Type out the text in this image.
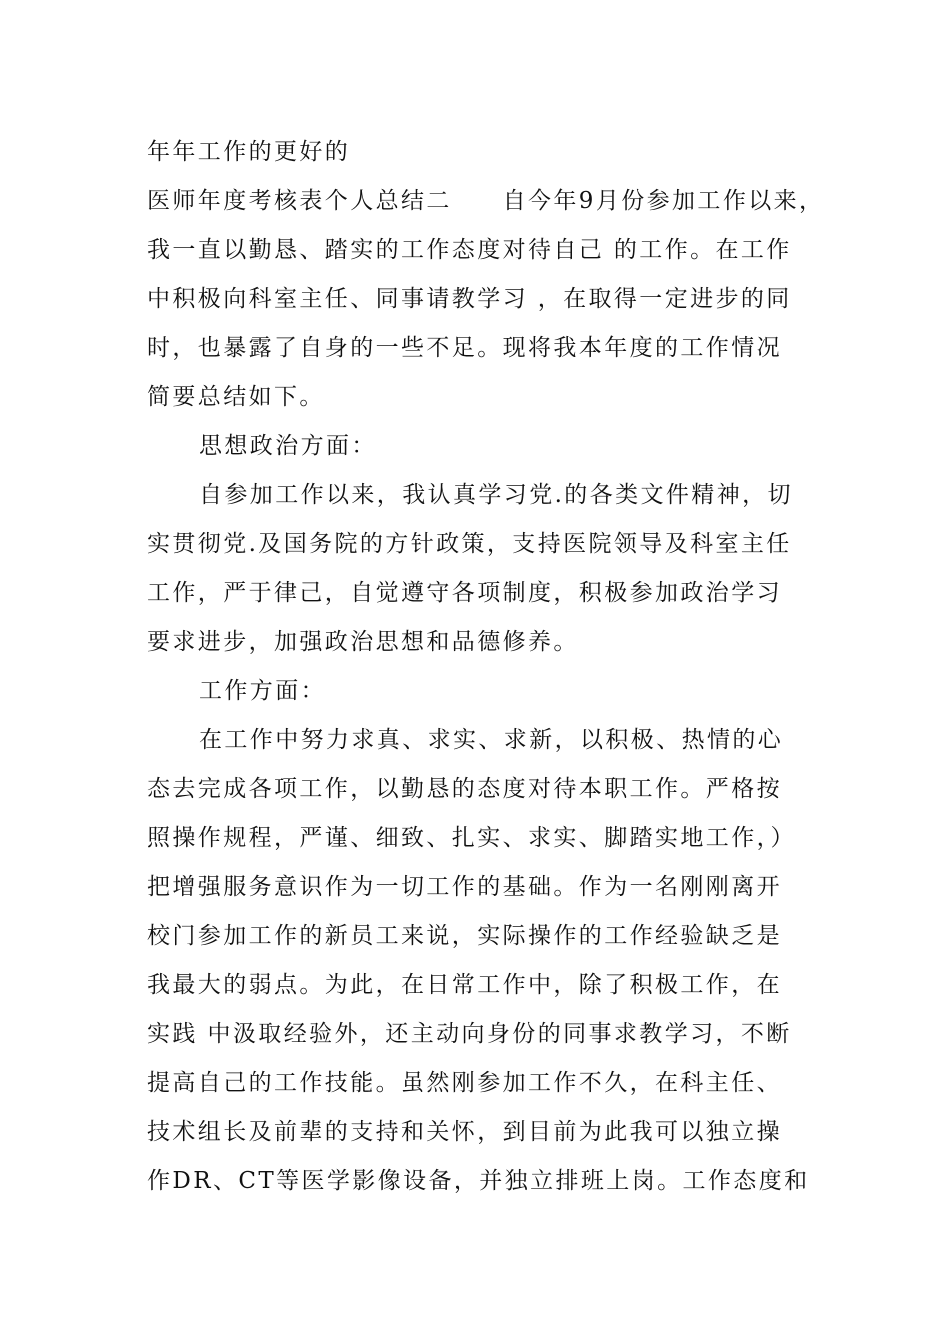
年年工作的更好的
医师年度考核表个人总结二　　自今年9月份参加工作以来，
我一直以勤恳、踏实的工作态度对待自己 的工作。在工作
中积极向科室主任、同事请教学习 ，在取得一定进步的同
时，也暴露了自身的一些不足。现将我本年度的工作情况
简要总结如下。
思想政治方面：
自参加工作以来，我认真学习党.的各类文件精神，切
实贯彻党.及国务院的方针政策，支持医院领导及科室主任
工作，严于律己，自觉遵守各项制度，积极参加政治学习
要求进步，加强政治思想和品德修养。
工作方面：
在工作中努力求真、求实、求新，以积极、热情的心
态去完成各项工作，以勤恳的态度对待本职工作。严格按
照操作规程，严谨、细致、扎实、求实、脚踏实地工作，）
把增强服务意识作为一切工作的基础。作为一名刚刚离开
校门参加工作的新员工来说，实际操作的工作经验缺乏是
我最大的弱点。为此，在日常工作中，除了积极工作，在
实践 中汲取经验外，还主动向身份的同事求教学习，不断
提高自己的工作技能。虽然刚参加工作不久，在科主任、
技术组长及前辈的支持和关怀，到目前为此我可以独立操
作DR、CT等医学影像设备，并独立排班上岗。工作态度和
